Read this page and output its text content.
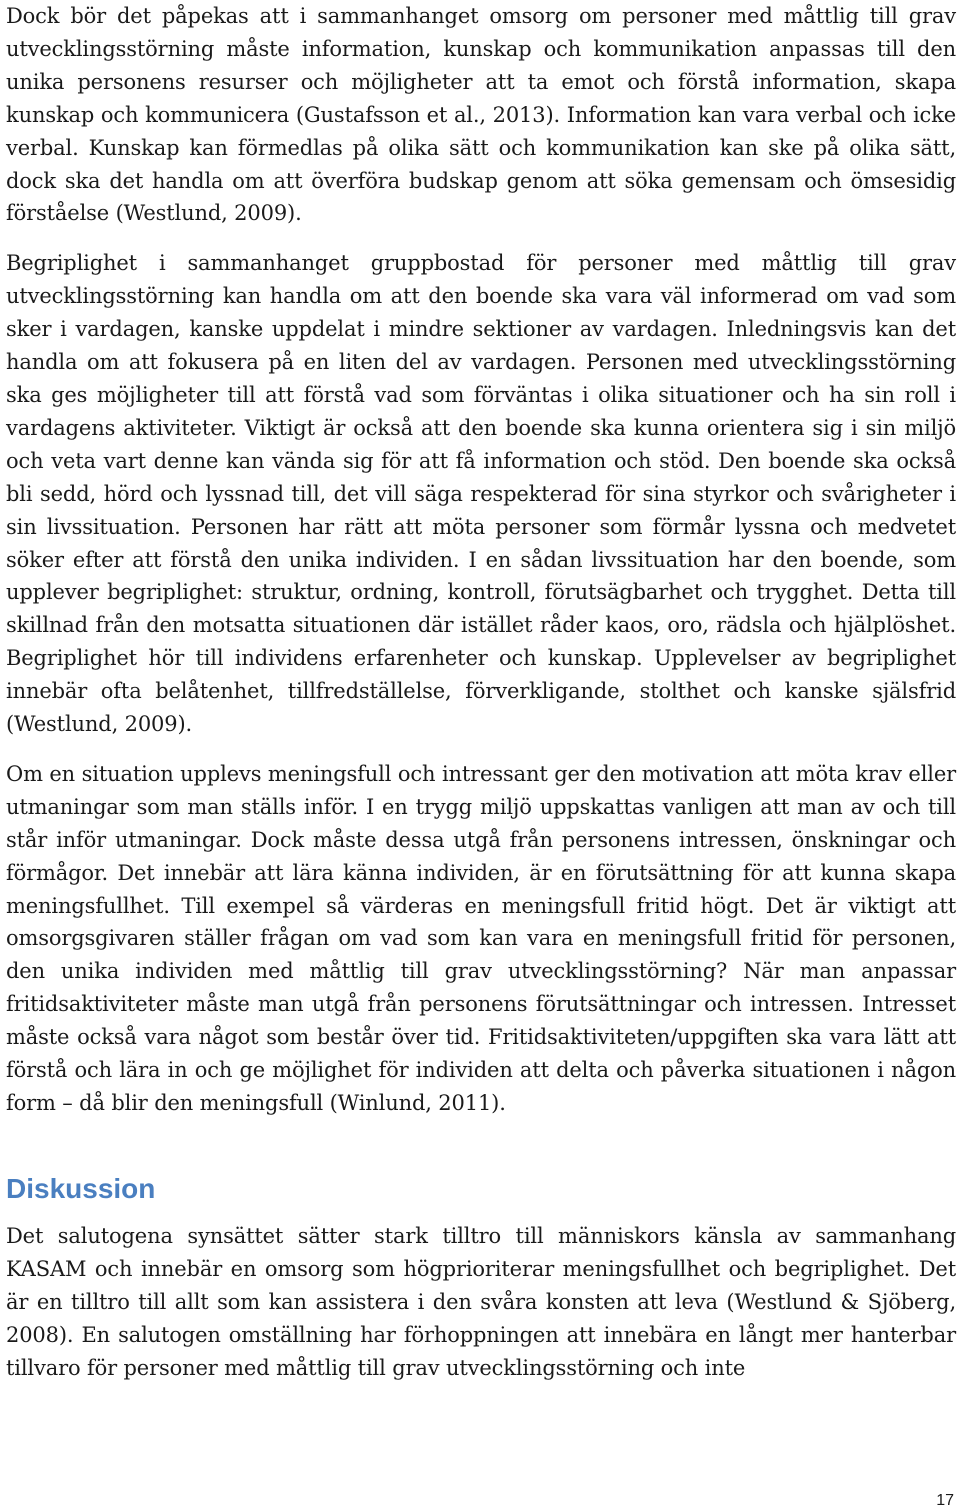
Dock bör det påpekas att i sammanhanget omsorg om personer med måttlig till grav utvecklingsstörning måste information, kunskap och kommunikation anpassas till den unika personens resurser och möjligheter att ta emot och förstå information, skapa kunskap och kommunicera (Gustafsson et al., 2013). Information kan vara verbal och icke verbal. Kunskap kan förmedlas på olika sätt och kommunikation kan ske på olika sätt, dock ska det handla om att överföra budskap genom att söka gemensam och ömsesidig förståelse (Westlund, 2009).

Begriplighet i sammanhanget gruppbostad för personer med måttlig till grav utvecklingsstörning kan handla om att den boende ska vara väl informerad om vad som sker i vardagen, kanske uppdelat i mindre sektioner av vardagen. Inledningsvis kan det handla om att fokusera på en liten del av vardagen. Personen med utvecklingsstörning ska ges möjligheter till att förstå vad som förväntas i olika situationer och ha sin roll i vardagens aktiviteter. Viktigt är också att den boende ska kunna orientera sig i sin miljö och veta vart denne kan vända sig för att få information och stöd. Den boende ska också bli sedd, hörd och lyssnad till, det vill säga respekterad för sina styrkor och svårigheter i sin livssituation. Personen har rätt att möta personer som förmår lyssna och medvetet söker efter att förstå den unika individen. I en sådan livssituation har den boende, som upplever begriplighet: struktur, ordning, kontroll, förutsägbarhet och trygghet. Detta till skillnad från den motsatta situationen där istället råder kaos, oro, rädsla och hjälplöshet. Begriplighet hör till individens erfarenheter och kunskap. Upplevelser av begriplighet innebär ofta belåtenhet, tillfredställelse, förverkligande, stolthet och kanske själsfrid (Westlund, 2009).

Om en situation upplevs meningsfull och intressant ger den motivation att möta krav eller utmaningar som man ställs inför. I en trygg miljö uppskattas vanligen att man av och till står inför utmaningar. Dock måste dessa utgå från personens intressen, önskningar och förmågor. Det innebär att lära känna individen, är en förutsättning för att kunna skapa meningsfullhet. Till exempel så värderas en meningsfull fritid högt. Det är viktigt att omsorgsgivaren ställer frågan om vad som kan vara en meningsfull fritid för personen, den unika individen med måttlig till grav utvecklingsstörning? När man anpassar fritidsaktiviteter måste man utgå från personens förutsättningar och intressen. Intresset måste också vara något som består över tid. Fritidsaktiviteten/uppgiften ska vara lätt att förstå och lära in och ge möjlighet för individen att delta och påverka situationen i någon form – då blir den meningsfull (Winlund, 2011).

Diskussion

Det salutogena synsättet sätter stark tilltro till människors känsla av sammanhang KASAM och innebär en omsorg som högprioriterar meningsfullhet och begriplighet. Det är en tilltro till allt som kan assistera i den svåra konsten att leva (Westlund & Sjöberg, 2008). En salutogen omställning har förhoppningen att innebära en långt mer hanterbar tillvaro för personer med måttlig till grav utvecklingsstörning och inte

17
